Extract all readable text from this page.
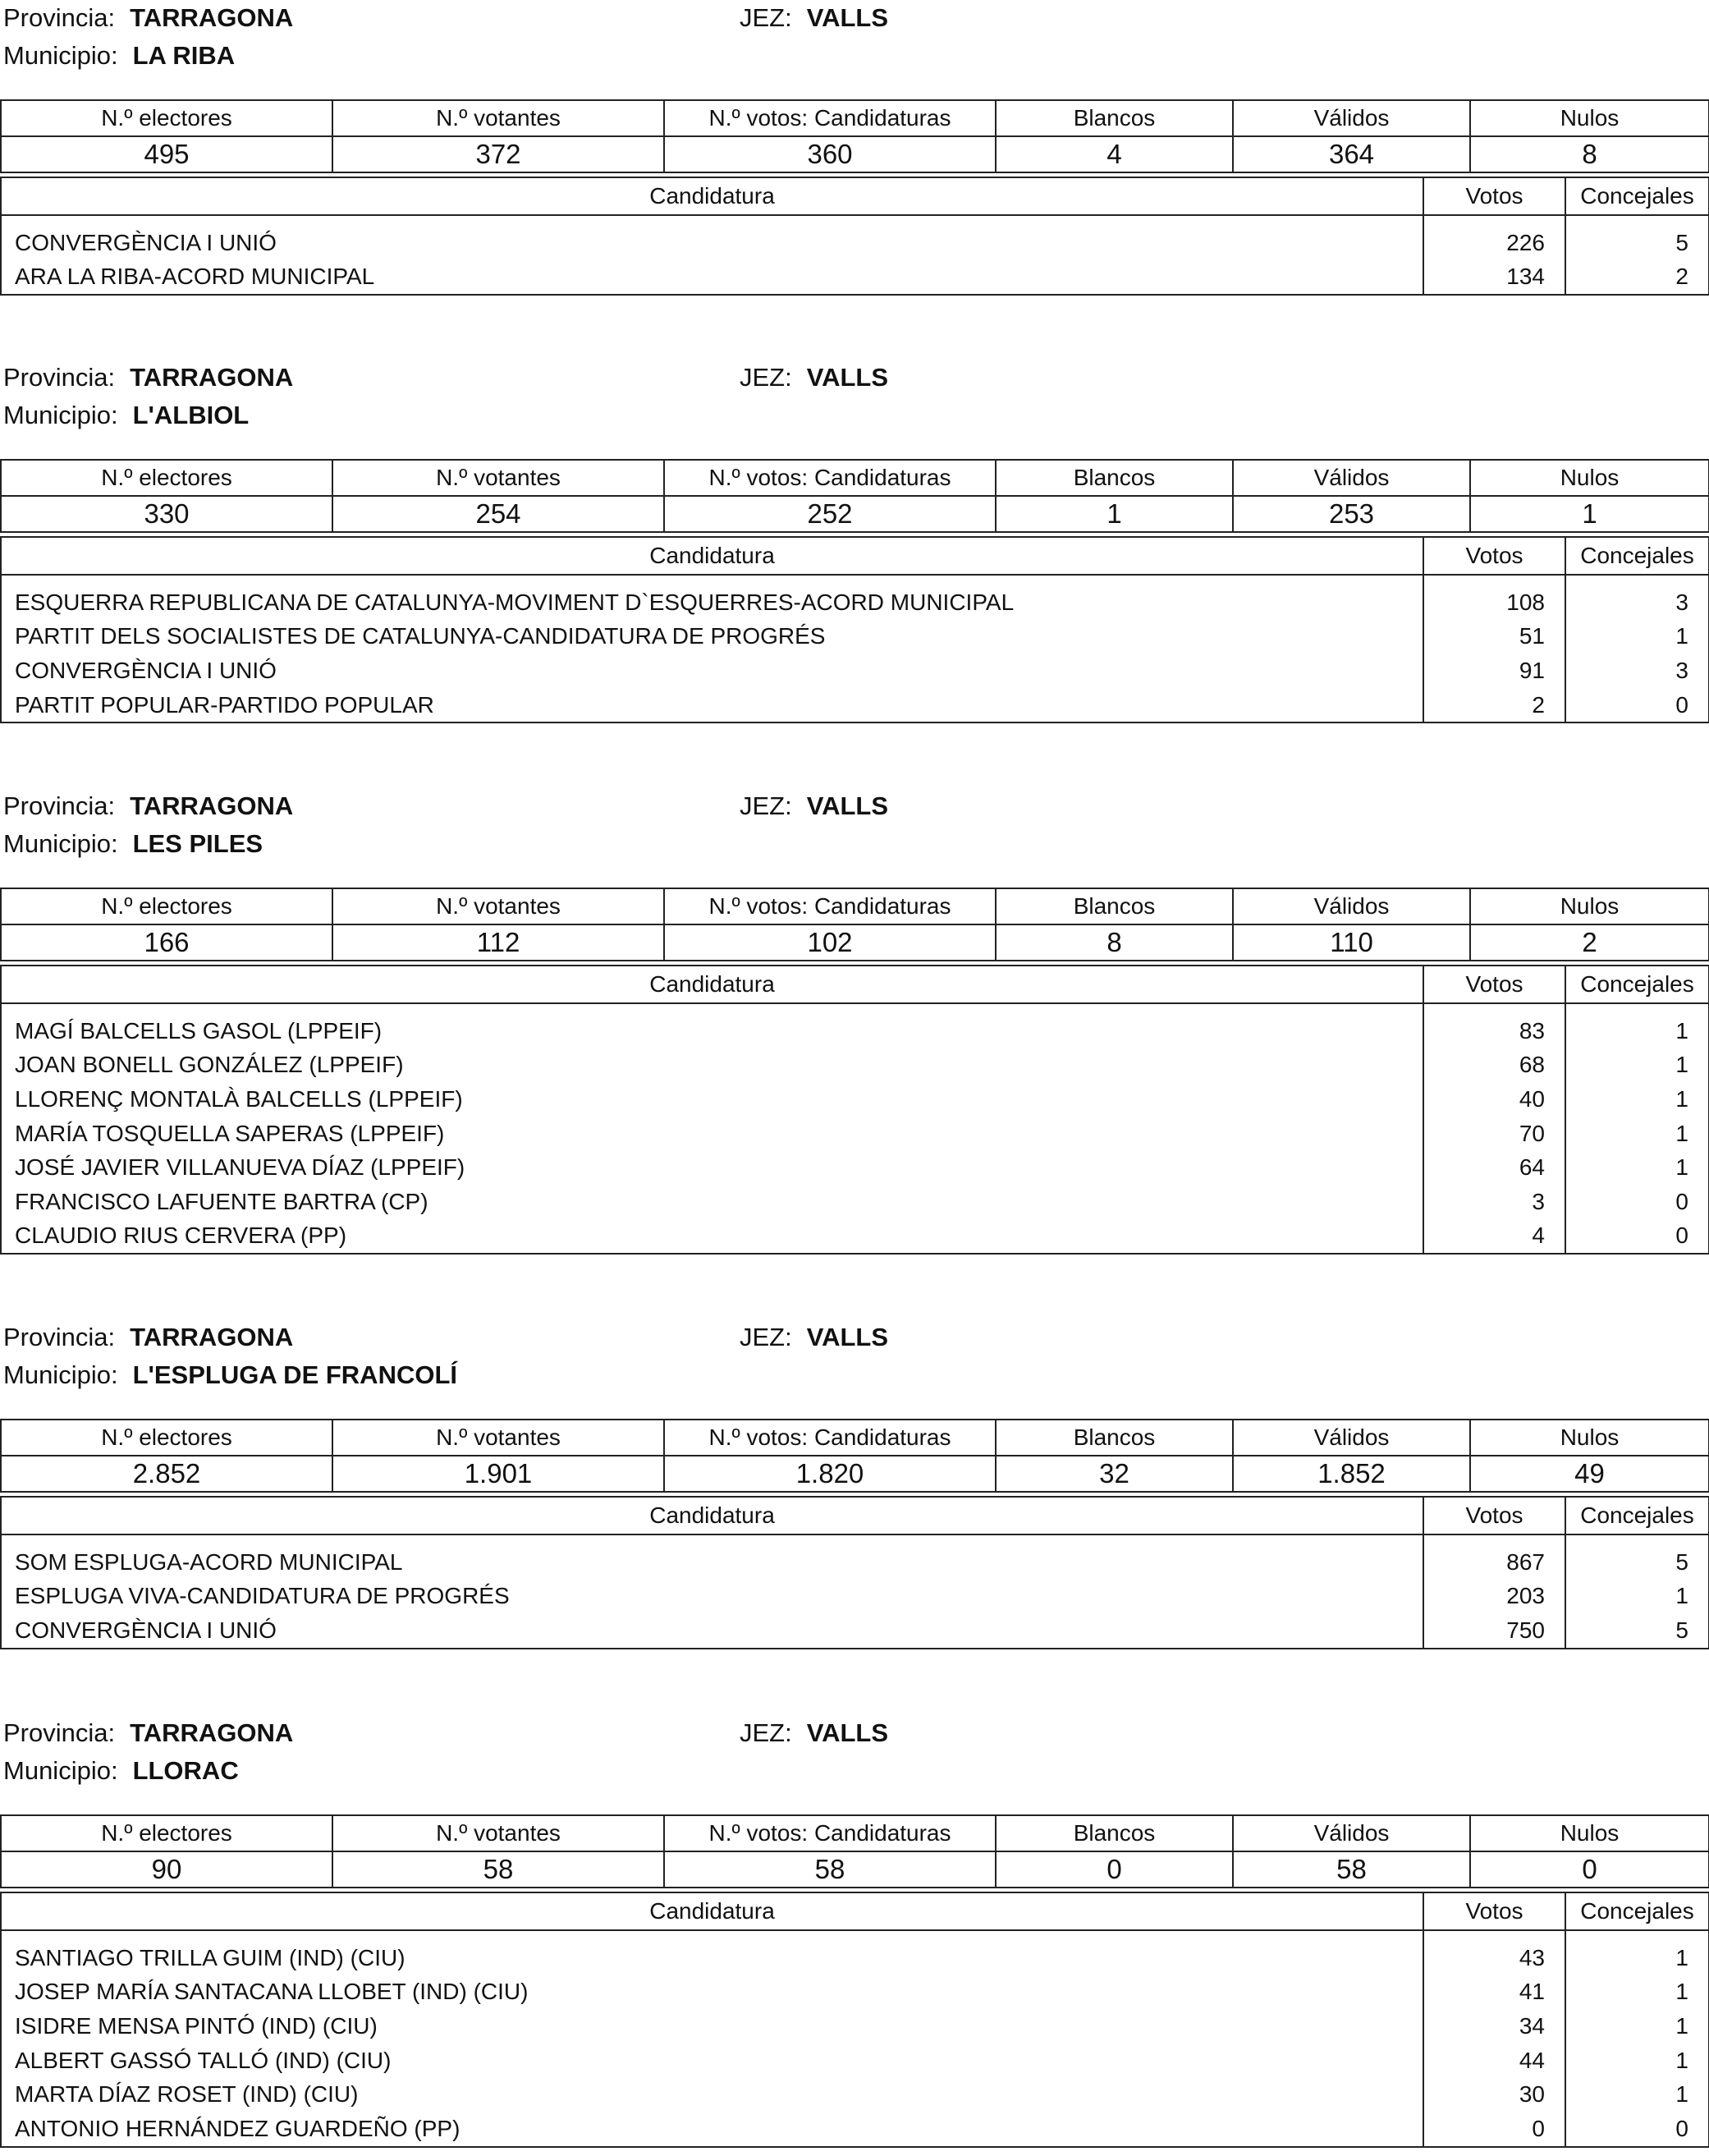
Provincia: TARRAGONA	JEZ: VALLS
Municipio: LA RIBA
N.º electores	N.º votantes	N.º votos: Candidaturas	Blancos	Válidos	Nulos
495	372	360	4	364	8
Candidatura	Votos	Concejales
CONVERGÈNCIA I UNIÓ	226	5
ARA LA RIBA-ACORD MUNICIPAL	134	2
Provincia: TARRAGONA	JEZ: VALLS
Municipio: L'ALBIOL
N.º electores	N.º votantes	N.º votos: Candidaturas	Blancos	Válidos	Nulos
330	254	252	1	253	1
Candidatura	Votos	Concejales
ESQUERRA REPUBLICANA DE CATALUNYA-MOVIMENT D`ESQUERRES-ACORD MUNICIPAL	108	3
PARTIT DELS SOCIALISTES DE CATALUNYA-CANDIDATURA DE PROGRÉS	51	1
CONVERGÈNCIA I UNIÓ	91	3
PARTIT POPULAR-PARTIDO POPULAR	2	0
Provincia: TARRAGONA	JEZ: VALLS
Municipio: LES PILES
N.º electores	N.º votantes	N.º votos: Candidaturas	Blancos	Válidos	Nulos
166	112	102	8	110	2
Candidatura	Votos	Concejales
MAGÍ BALCELLS GASOL (LPPEIF)	83	1
JOAN BONELL GONZÁLEZ (LPPEIF)	68	1
LLORENÇ MONTALÀ BALCELLS (LPPEIF)	40	1
MARÍA TOSQUELLA SAPERAS (LPPEIF)	70	1
JOSÉ JAVIER VILLANUEVA DÍAZ (LPPEIF)	64	1
FRANCISCO LAFUENTE BARTRA (CP)	3	0
CLAUDIO RIUS CERVERA (PP)	4	0
Provincia: TARRAGONA	JEZ: VALLS
Municipio: L'ESPLUGA DE FRANCOLÍ
N.º electores	N.º votantes	N.º votos: Candidaturas	Blancos	Válidos	Nulos
2.852	1.901	1.820	32	1.852	49
Candidatura	Votos	Concejales
SOM ESPLUGA-ACORD MUNICIPAL	867	5
ESPLUGA VIVA-CANDIDATURA DE PROGRÉS	203	1
CONVERGÈNCIA I UNIÓ	750	5
Provincia: TARRAGONA	JEZ: VALLS
Municipio: LLORAC
N.º electores	N.º votantes	N.º votos: Candidaturas	Blancos	Válidos	Nulos
90	58	58	0	58	0
Candidatura	Votos	Concejales
SANTIAGO TRILLA GUIM (IND) (CIU)	43	1
JOSEP MARÍA SANTACANA LLOBET (IND) (CIU)	41	1
ISIDRE MENSA PINTÓ (IND) (CIU)	34	1
ALBERT GASSÓ TALLÓ (IND) (CIU)	44	1
MARTA DÍAZ ROSET (IND) (CIU)	30	1
ANTONIO HERNÁNDEZ GUARDEÑO (PP)	0	0
